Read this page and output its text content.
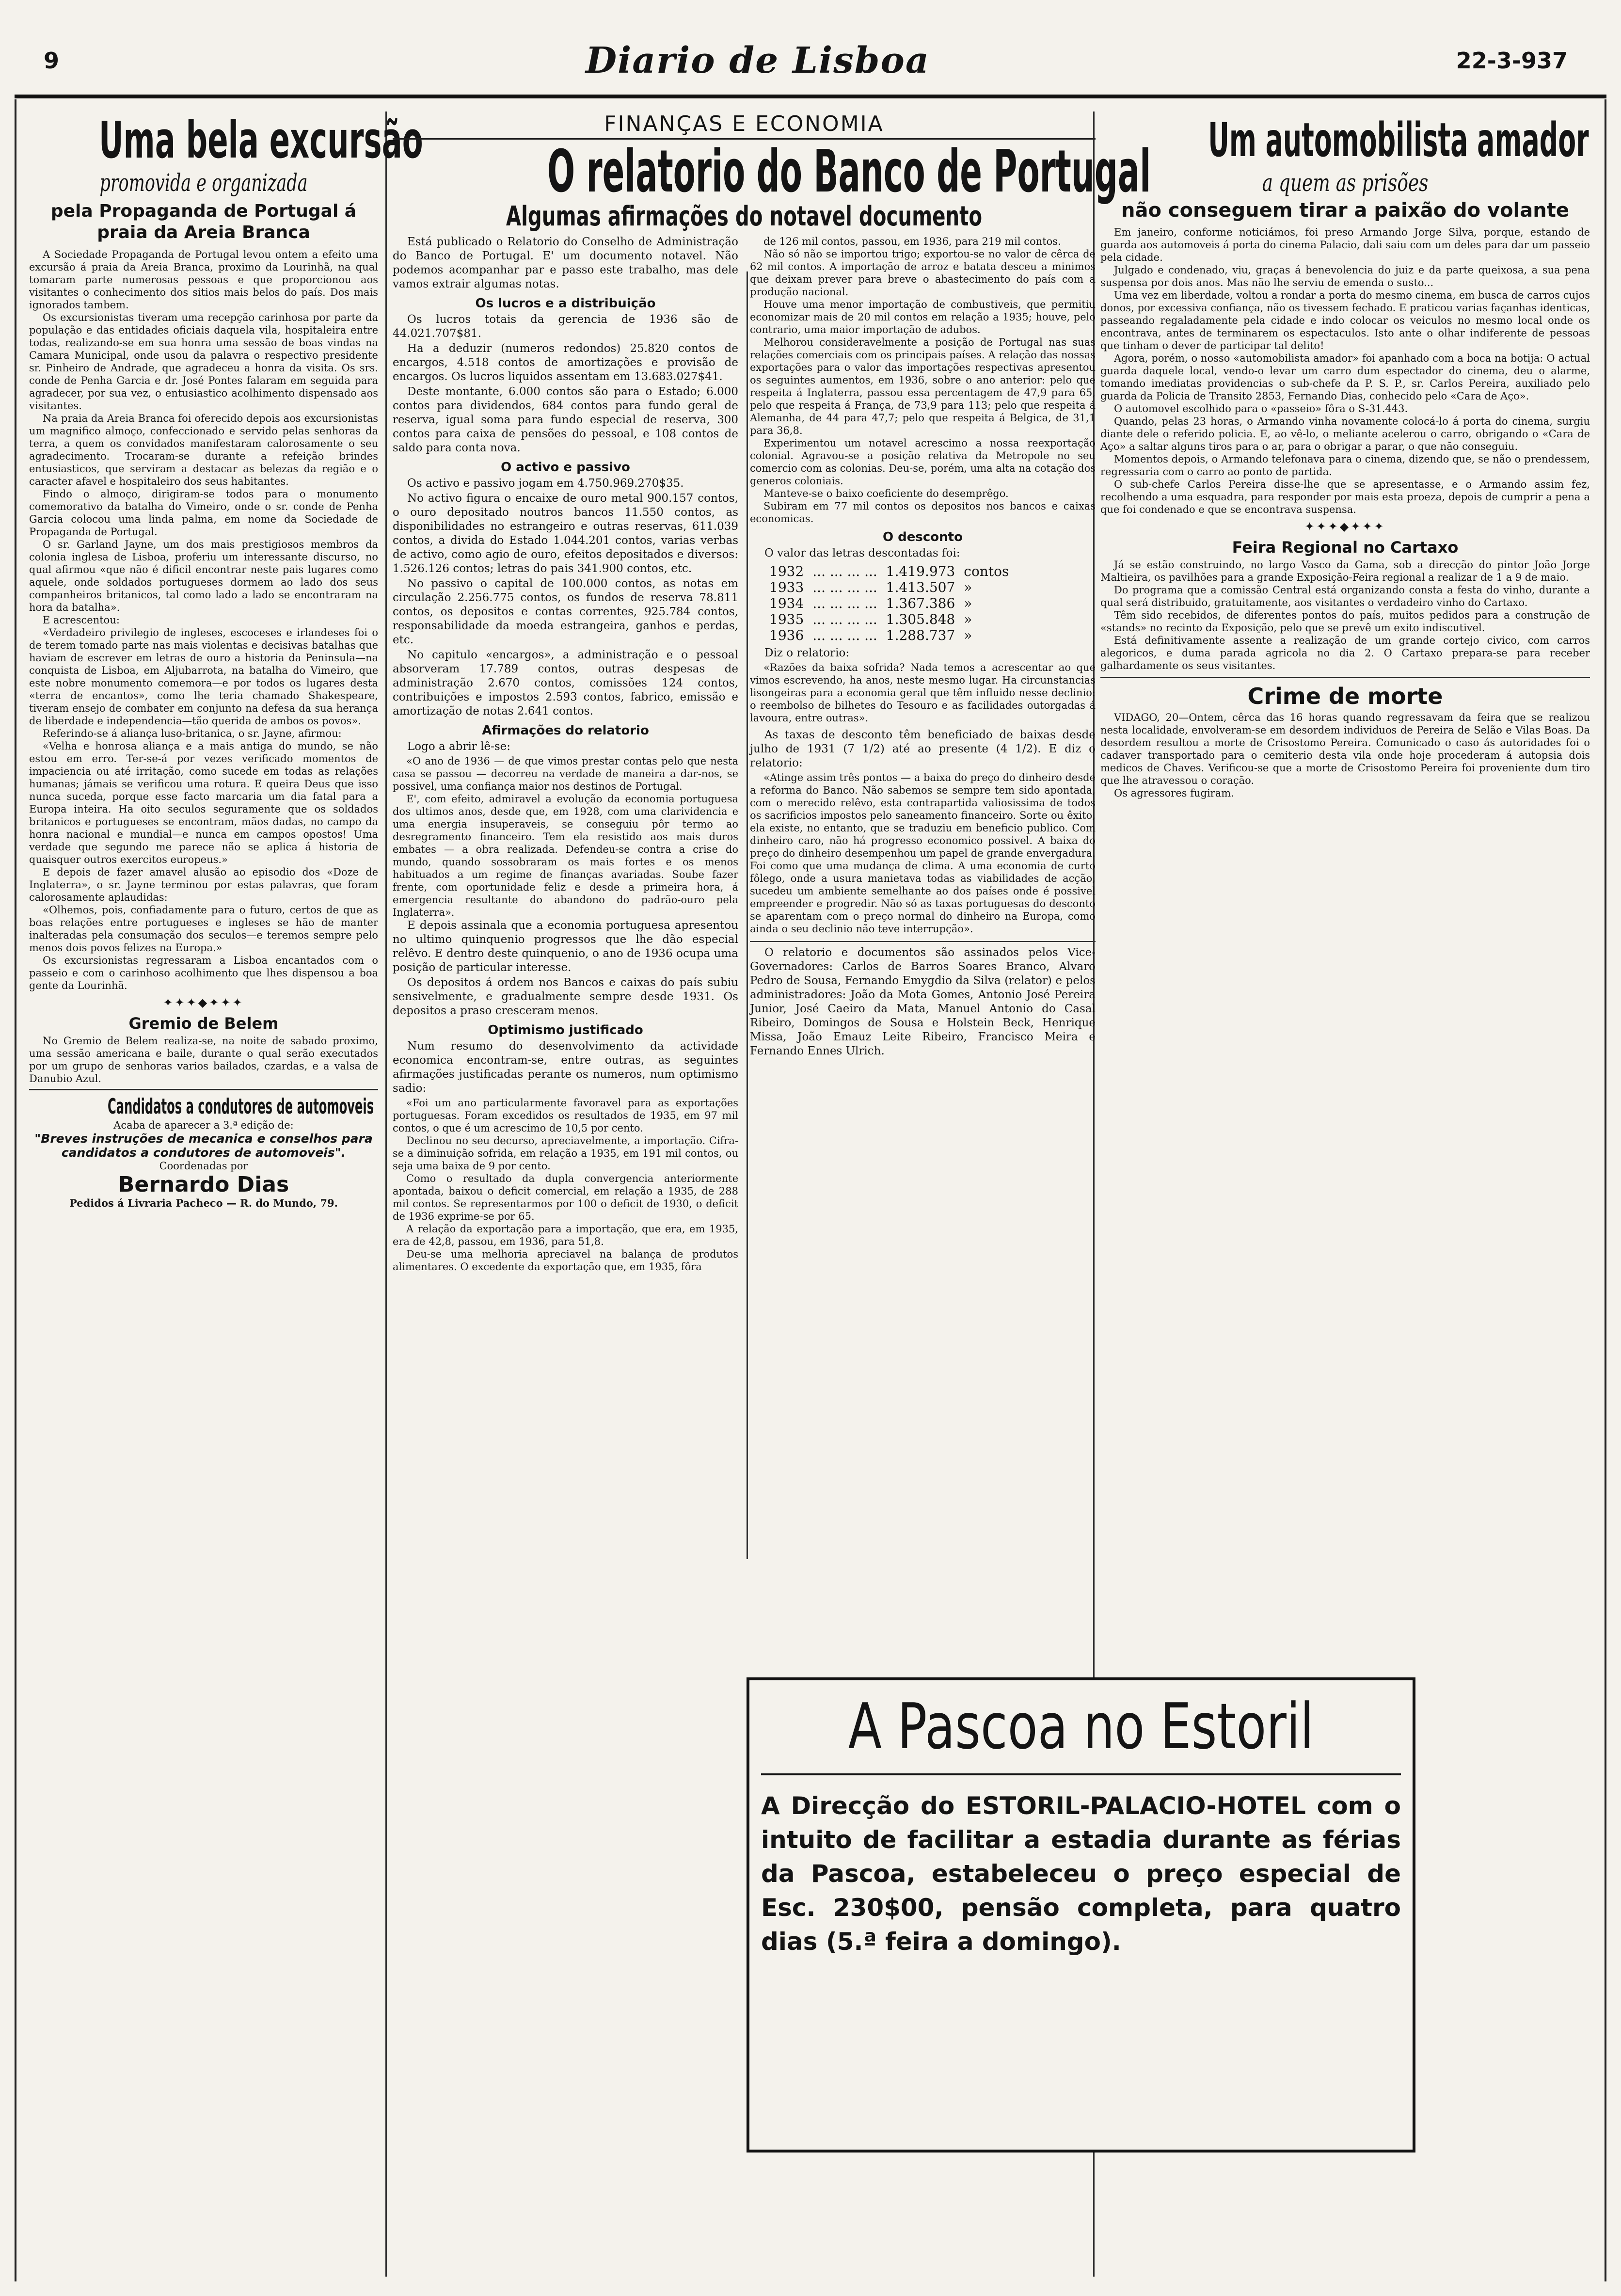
9	Diario de Lisboa	22-3-937
Uma bela excursão
promovida e organizada
pela Propaganda de Portugal á praia da Areia Branca

A Sociedade Propaganda de Portugal levou ontem a efeito uma excursão á praia da Areia Branca, proximo da Lourinhã, na qual tomaram parte numerosas pessoas e que proporcionou aos visitantes o conhecimento dos sitios mais belos do país. Dos mais ignorados tambem.

Os excursionistas tiveram uma recepção carinhosa por parte da população e das entidades oficiais daquela vila, hospitaleira entre todas, realizando-se em sua honra uma sessão de boas vindas na Camara Municipal, onde usou da palavra o respectivo presidente sr. Pinheiro de Andrade, que agradeceu a honra da visita. Os srs. conde de Penha Garcia e dr. José Pontes falaram em seguida para agradecer, por sua vez, o entusiastico acolhimento dispensado aos visitantes.

Na praia da Areia Branca foi oferecido depois aos excursionistas um magnifico almoço, confeccionado e servido pelas senhoras da terra, a quem os convidados manifestaram calorosamente o seu agradecimento. Trocaram-se durante a refeição brindes entusiasticos, que serviram a destacar as belezas da região e o caracter afavel e hospitaleiro dos seus habitantes.

Findo o almoço, dirigiram-se todos para o monumento comemorativo da batalha do Vimeiro, onde o sr. conde de Penha Garcia colocou uma linda palma, em nome da Sociedade de Propaganda de Portugal.

O sr. Garland Jayne, um dos mais prestigiosos membros da colonia inglesa de Lisboa, proferiu um interessante discurso, no qual afirmou «que não é dificil encontrar neste pais lugares como aquele, onde soldados portugueses dormem ao lado dos seus companheiros britanicos, tal como lado a lado se encontraram na hora da batalha».

E acrescentou:

«Verdadeiro privilegio de ingleses, escoceses e irlandeses foi o de terem tomado parte nas mais violentas e decisivas batalhas que haviam de escrever em letras de ouro a historia da Peninsula—na conquista de Lisboa, em Aljubarrota, na batalha do Vimeiro, que este nobre monumento comemora—e por todos os lugares desta «terra de encantos», como lhe teria chamado Shakespeare, tiveram ensejo de combater em conjunto na defesa da sua herança de liberdade e independencia—tão querida de ambos os povos».

Referindo-se á aliança luso-britanica, o sr. Jayne, afirmou:

«Velha e honrosa aliança e a mais antiga do mundo, se não estou em erro. Ter-se-á por vezes verificado momentos de impaciencia ou até irritação, como sucede em todas as relações humanas; jámais se verificou uma rotura. E queira Deus que isso nunca suceda, porque esse facto marcaria um dia fatal para a Europa inteira. Ha oito seculos seguramente que os soldados britanicos e portugueses se encontram, mãos dadas, no campo da honra nacional e mundial—e nunca em campos opostos! Uma verdade que segundo me parece não se aplica á historia de quaisquer outros exercitos europeus.»

E depois de fazer amavel alusão ao episodio dos «Doze de Inglaterra», o sr. Jayne terminou por estas palavras, que foram calorosamente aplaudidas:

«Olhemos, pois, confiadamente para o futuro, certos de que as boas relações entre portugueses e ingleses se hão de manter inalteradas pela consumação dos seculos—e teremos sempre pelo menos dois povos felizes na Europa.»

Os excursionistas regressaram a Lisboa encantados com o passeio e com o carinhoso acolhimento que lhes dispensou a boa gente da Lourinhã.

✦✦✦◆✦✦✦
Gremio de Belem

No Gremio de Belem realiza-se, na noite de sabado proximo, uma sessão americana e baile, durante o qual serão executados por um grupo de senhoras varios bailados, czardas, e a valsa de Danubio Azul.

Candidatos a condutores de automoveis
Acaba de aparecer a 3.ª edição de:
"Breves instruções de mecanica e conselhos para candidatos a condutores de automoveis".
Coordenadas por
Bernardo Dias
Pedidos á Livraria Pacheco — R. do Mundo, 79.
FINANÇAS E ECONOMIA
O relatorio do Banco de Portugal
Algumas afirmações do notavel documento

Está publicado o Relatorio do Conselho de Administração do Banco de Portugal. E' um documento notavel. Não podemos acompanhar par e passo este trabalho, mas dele vamos extrair algumas notas.

Os lucros e a distribuição

Os lucros totais da gerencia de 1936 são de 44.021.707$81.

Ha a deduzir (numeros redondos) 25.820 contos de encargos, 4.518 contos de amortizações e provisão de encargos. Os lucros liquidos assentam em 13.683.027$41.

Deste montante, 6.000 contos são para o Estado; 6.000 contos para dividendos, 684 contos para fundo geral de reserva, igual soma para fundo especial de reserva, 300 contos para caixa de pensões do pessoal, e 108 contos de saldo para conta nova.

O activo e passivo

Os activo e passivo jogam em 4.750.969.270$35.

No activo figura o encaixe de ouro metal 900.157 contos, o ouro depositado noutros bancos 11.550 contos, as disponibilidades no estrangeiro e outras reservas, 611.039 contos, a divida do Estado 1.044.201 contos, varias verbas de activo, como agio de ouro, efeitos depositados e diversos: 1.526.126 contos; letras do pais 341.900 contos, etc.

No passivo o capital de 100.000 contos, as notas em circulação 2.256.775 contos, os fundos de reserva 78.811 contos, os depositos e contas correntes, 925.784 contos, responsabilidade da moeda estrangeira, ganhos e perdas, etc.

No capitulo «encargos», a administração e o pessoal absorveram 17.789 contos, outras despesas de administração 2.670 contos, comissões 124 contos, contribuições e impostos 2.593 contos, fabrico, emissão e amortização de notas 2.641 contos.

Afirmações do relatorio

Logo a abrir lê-se:

«O ano de 1936 — de que vimos prestar contas pelo que nesta casa se passou — decorreu na verdade de maneira a dar-nos, se possivel, uma confiança maior nos destinos de Portugal.

E', com efeito, admiravel a evolução da economia portuguesa dos ultimos anos, desde que, em 1928, com uma clarividencia e uma energia insuperaveis, se conseguiu pôr termo ao desregramento financeiro. Tem ela resistido aos mais duros embates — a obra realizada. Defendeu-se contra a crise do mundo, quando sossobraram os mais fortes e os menos habituados a um regime de finanças avariadas. Soube fazer frente, com oportunidade feliz e desde a primeira hora, á emergencia resultante do abandono do padrão-ouro pela Inglaterra».

E depois assinala que a economia portuguesa apresentou no ultimo quinquenio progressos que lhe dão especial relêvo. E dentro deste quinquenio, o ano de 1936 ocupa uma posição de particular interesse.

Os depositos á ordem nos Bancos e caixas do país subiu sensivelmente, e gradualmente sempre desde 1931. Os depositos a praso cresceram menos.

Optimismo justificado

Num resumo do desenvolvimento da actividade economica encontram-se, entre outras, as seguintes afirmações justificadas perante os numeros, num optimismo sadio:

«Foi um ano particularmente favoravel para as exportações portuguesas. Foram excedidos os resultados de 1935, em 97 mil contos, o que é um acrescimo de 10,5 por cento.

Declinou no seu decurso, apreciavelmente, a importação. Cifra-se a diminuição sofrida, em relação a 1935, em 191 mil contos, ou seja uma baixa de 9 por cento.

Como o resultado da dupla convergencia anteriormente apontada, baixou o deficit comercial, em relação a 1935, de 288 mil contos. Se representarmos por 100 o deficit de 1930, o deficit de 1936 exprime-se por 65.

A relação da exportação para a importação, que era, em 1935, era de 42,8, passou, em 1936, para 51,8.

Deu-se uma melhoria apreciavel na balança de produtos alimentares. O excedente da exportação que, em 1935, fôra

de 126 mil contos, passou, em 1936, para 219 mil contos.

Não só não se importou trigo; exportou-se no valor de cêrca de 62 mil contos. A importação de arroz e batata desceu a minimos que deixam prever para breve o abastecimento do país com a produção nacional.

Houve uma menor importação de combustiveis, que permitiu economizar mais de 20 mil contos em relação a 1935; houve, pelo contrario, uma maior importação de adubos.

Melhorou consideravelmente a posição de Portugal nas suas relações comerciais com os principais países. A relação das nossas exportações para o valor das importações respectivas apresentou os seguintes aumentos, em 1936, sobre o ano anterior: pelo que respeita á Inglaterra, passou essa percentagem de 47,9 para 65, pelo que respeita á França, de 73,9 para 113; pelo que respeita á Alemanha, de 44 para 47,7; pelo que respeita á Belgica, de 31,1 para 36,8.

Experimentou um notavel acrescimo a nossa reexportação colonial. Agravou-se a posição relativa da Metropole no seu comercio com as colonias. Deu-se, porém, uma alta na cotação dos generos coloniais.

Manteve-se o baixo coeficiente do desemprêgo.

Subiram em 77 mil contos os depositos nos bancos e caixas economicas.

O desconto

O valor das letras descontadas foi:

1932	... ... ... ...	1.419.973	contos
1933	... ... ... ...	1.413.507	»
1934	... ... ... ...	1.367.386	»
1935	... ... ... ...	1.305.848	»
1936	... ... ... ...	1.288.737	»

Diz o relatorio:

«Razões da baixa sofrida? Nada temos a acrescentar ao que vimos escrevendo, ha anos, neste mesmo lugar. Ha circunstancias lisongeiras para a economia geral que têm influido nesse declinio: o reembolso de bilhetes do Tesouro e as facilidades outorgadas á lavoura, entre outras».

As taxas de desconto têm beneficiado de baixas desde julho de 1931 (7 1/2) até ao presente (4 1/2). E diz o relatorio:

«Atinge assim três pontos — a baixa do preço do dinheiro desde a reforma do Banco. Não sabemos se sempre tem sido apontada, com o merecido relêvo, esta contrapartida valiosissima de todos os sacrificios impostos pelo saneamento financeiro. Sorte ou êxito, ela existe, no entanto, que se traduziu em beneficio publico. Com dinheiro caro, não há progresso economico possivel. A baixa do preço do dinheiro desempenhou um papel de grande envergadura. Foi como que uma mudança de clima. A uma economia de curto fôlego, onde a usura manietava todas as viabilidades de acção, sucedeu um ambiente semelhante ao dos países onde é possivel empreender e progredir. Não só as taxas portuguesas do desconto se aparentam com o preço normal do dinheiro na Europa, como ainda o seu declinio não teve interrupção».

O relatorio e documentos são assinados pelos Vice-Governadores: Carlos de Barros Soares Branco, Alvaro Pedro de Sousa, Fernando Emygdio da Silva (relator) e pelos administradores: João da Mota Gomes, Antonio José Pereira Junior, José Caeiro da Mata, Manuel Antonio do Casal Ribeiro, Domingos de Sousa e Holstein Beck, Henrique Missa, João Emauz Leite Ribeiro, Francisco Meira e Fernando Ennes Ulrich.

Um automobilista amador
a quem as prisões
não conseguem tirar a paixão do volante

Em janeiro, conforme noticiámos, foi preso Armando Jorge Silva, porque, estando de guarda aos automoveis á porta do cinema Palacio, dali saiu com um deles para dar um passeio pela cidade.

Julgado e condenado, viu, graças á benevolencia do juiz e da parte queixosa, a sua pena suspensa por dois anos. Mas não lhe serviu de emenda o susto...

Uma vez em liberdade, voltou a rondar a porta do mesmo cinema, em busca de carros cujos donos, por excessiva confiança, não os tivessem fechado. E praticou varias façanhas identicas, passeando regaladamente pela cidade e indo colocar os veiculos no mesmo local onde os encontrava, antes de terminarem os espectaculos. Isto ante o olhar indiferente de pessoas que tinham o dever de participar tal delito!

Agora, porém, o nosso «automobilista amador» foi apanhado com a boca na botija: O actual guarda daquele local, vendo-o levar um carro dum espectador do cinema, deu o alarme, tomando imediatas providencias o sub-chefe da P. S. P., sr. Carlos Pereira, auxiliado pelo guarda da Policia de Transito 2853, Fernando Dias, conhecido pelo «Cara de Aço».

O automovel escolhido para o «passeio» fôra o S-31.443.

Quando, pelas 23 horas, o Armando vinha novamente colocá-lo á porta do cinema, surgiu diante dele o referido policia. E, ao vê-lo, o meliante acelerou o carro, obrigando o «Cara de Aço» a saltar alguns tiros para o ar, para o obrigar a parar, o que não conseguiu.

Momentos depois, o Armando telefonava para o cinema, dizendo que, se não o prendessem, regressaria com o carro ao ponto de partida.

O sub-chefe Carlos Pereira disse-lhe que se apresentasse, e o Armando assim fez, recolhendo a uma esquadra, para responder por mais esta proeza, depois de cumprir a pena a que foi condenado e que se encontrava suspensa.

✦✦✦◆✦✦✦
Feira Regional no Cartaxo

Já se estão construindo, no largo Vasco da Gama, sob a direcção do pintor João Jorge Maltieira, os pavilhões para a grande Exposição-Feira regional a realizar de 1 a 9 de maio.

Do programa que a comissão Central está organizando consta a festa do vinho, durante a qual será distribuido, gratuitamente, aos visitantes o verdadeiro vinho do Cartaxo.

Têm sido recebidos, de diferentes pontos do país, muitos pedidos para a construção de «stands» no recinto da Exposição, pelo que se prevê um exito indiscutivel.

Está definitivamente assente a realização de um grande cortejo civico, com carros alegoricos, e duma parada agricola no dia 2. O Cartaxo prepara-se para receber galhardamente os seus visitantes.

Crime de morte

VIDAGO, 20—Ontem, cêrca das 16 horas quando regressavam da feira que se realizou nesta localidade, envolveram-se em desordem individuos de Pereira de Selão e Vilas Boas. Da desordem resultou a morte de Crisostomo Pereira. Comunicado o caso ás autoridades foi o cadaver transportado para o cemiterio desta vila onde hoje procederam á autopsia dois medicos de Chaves. Verificou-se que a morte de Crisostomo Pereira foi proveniente dum tiro que lhe atravessou o coração.

Os agressores fugiram.

A Pascoa no Estoril
A Direcção do ESTORIL-PALACIO-HOTEL com o intuito de facilitar a estadia durante as férias da Pascoa, estabeleceu o preço especial de Esc. 230$00, pensão completa, para quatro dias (5.ª feira a domingo).
